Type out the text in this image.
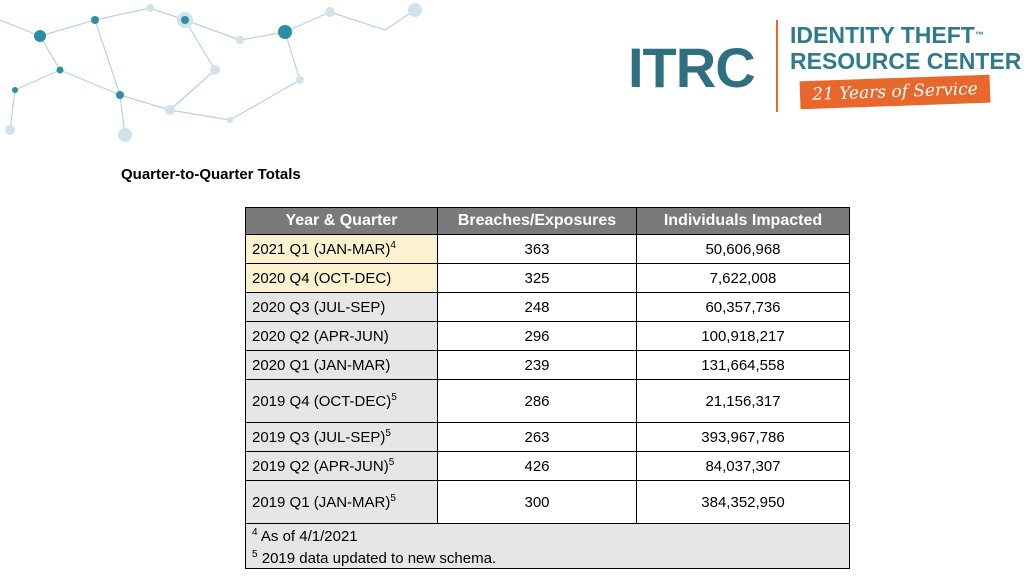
ITRC
IDENTITY THEFT™
RESOURCE CENTER
21 Years of Service
Quarter-to-Quarter Totals
Year & Quarter	Breaches/Exposures	Individuals Impacted
2021 Q1 $(JAN-MAR)^4$	363	50,606,968
2020 Q4 (OCT-DEC)	325	7,622,008
2020 Q3 (JUL-SEP)	248	60,357,736
2020 Q2 (APR-JUN)	296	100,918,217
2020 Q1 (JAN-MAR)	239	131,664,558
2019 Q4 $(OCT-DEC)^5$	286	21,156,317
2019 Q3 $(JUL-SEP)^5$	263	393,967,786
2019 Q2 $(APR-JUN)^5$	426	84,037,307
2019 Q1 $(JAN-MAR)^5$	300	384,352,950

$^4$ As of 4/1/2021
$^5$ 2019 data updated to new schema.		
